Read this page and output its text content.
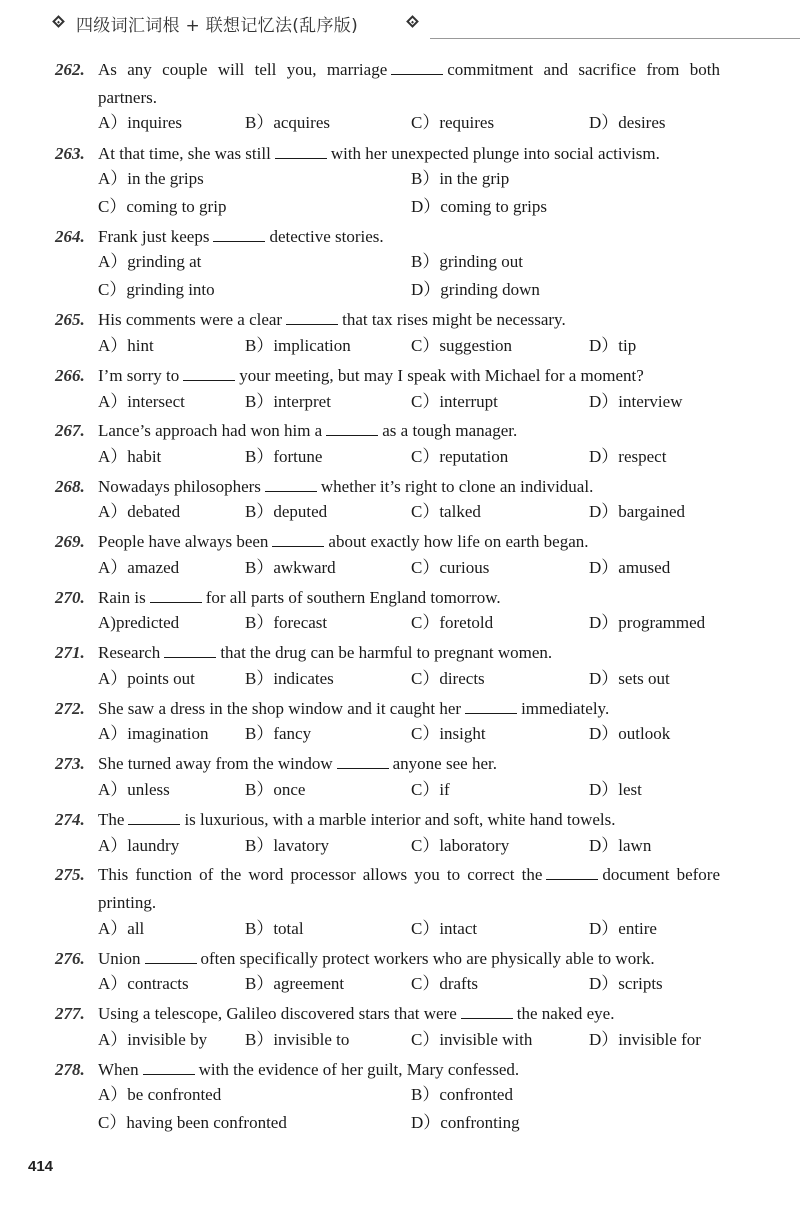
四级词汇词根 + 联想记忆法(乱序版)
262. As any couple will tell you, marriage	commitment and sacrifice from both partners.
A）inquires	B）acquires	C）requires	D）desires
263. At that time, she was still	with her unexpected plunge into social activism.
A）in the grips	B）in the grip
C）coming to grip	D）coming to grips
264. Frank just keeps	detective stories.
A）grinding at	B）grinding out
C）grinding into	D）grinding down
265. His comments were a clear	that tax rises might be necessary.
A）hint	B）implication	C）suggestion	D）tip
266. I’m sorry to	your meeting, but may I speak with Michael for a moment?
A）intersect	B）interpret	C）interrupt	D）interview
267. Lance’s approach had won him a	as a tough manager.
A）habit	B）fortune	C）reputation	D）respect
268. Nowadays philosophers	whether it’s right to clone an individual.
A）debated	B）deputed	C）talked	D）bargained
269. People have always been	about exactly how life on earth began.
A）amazed	B）awkward	C）curious	D）amused
270. Rain is	for all parts of southern England tomorrow.
A)predicted	B）forecast	C）foretold	D）programmed
271. Research	that the drug can be harmful to pregnant women.
A）points out	B）indicates	C）directs	D）sets out
272. She saw a dress in the shop window and it caught her	immediately.
A）imagination B）fancy	C）insight	D）outlook
273. She turned away from the window	anyone see her.
A）unless	B）once	C）if	D）lest
274. The	is luxurious, with a marble interior and soft, white hand towels.
A）laundry	B）lavatory	C）laboratory	D）lawn
275. This function of the word processor allows you to correct the	document before printing.
A）all	B）total	C）intact	D）entire
276. Union	often specifically protect workers who are physically able to work.
A）contracts	B）agreement	C）drafts	D）scripts
277. Using a telescope, Galileo discovered stars that were	the naked eye.
A）invisible by B）invisible to	C）invisible with	D）invisible for
278. When	with the evidence of her guilt, Mary confessed.
A）be confronted	B）confronted
C）having been confronted	D）confronting
414
